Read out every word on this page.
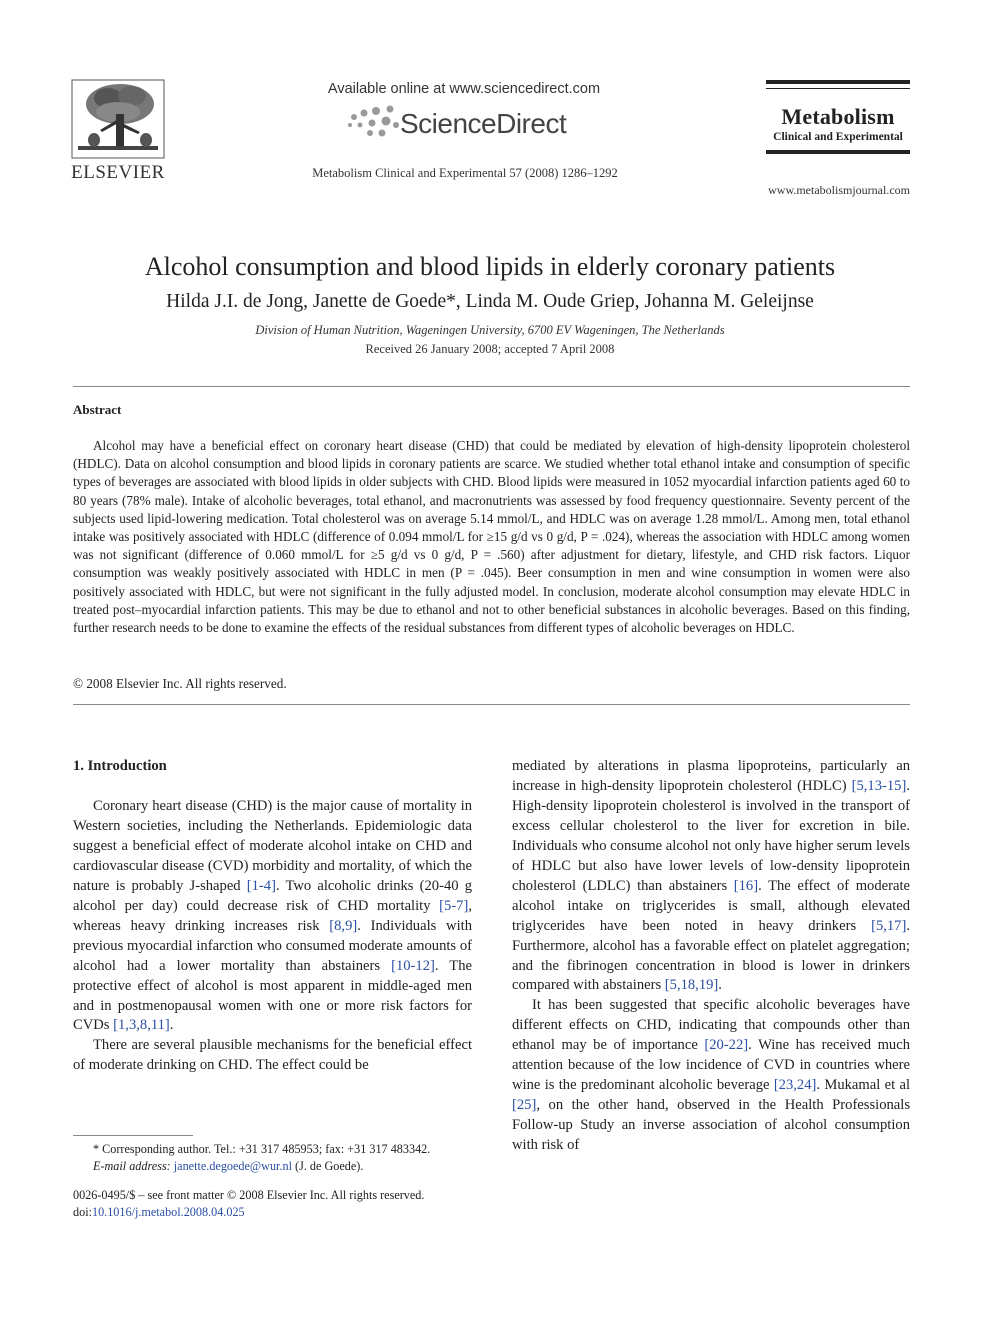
ELSEVIER
Available online at www.sciencedirect.com
ScienceDirect
Metabolism Clinical and Experimental 57 (2008) 1286–1292
Metabolism
Clinical and Experimental
www.metabolismjournal.com
Alcohol consumption and blood lipids in elderly coronary patients
Hilda J.I. de Jong, Janette de Goede*, Linda M. Oude Griep, Johanna M. Geleijnse
Division of Human Nutrition, Wageningen University, 6700 EV Wageningen, The Netherlands
Received 26 January 2008; accepted 7 April 2008
Abstract
Alcohol may have a beneficial effect on coronary heart disease (CHD) that could be mediated by elevation of high-density lipoprotein cholesterol (HDLC). Data on alcohol consumption and blood lipids in coronary patients are scarce. We studied whether total ethanol intake and consumption of specific types of beverages are associated with blood lipids in older subjects with CHD. Blood lipids were measured in 1052 myocardial infarction patients aged 60 to 80 years (78% male). Intake of alcoholic beverages, total ethanol, and macronutrients was assessed by food frequency questionnaire. Seventy percent of the subjects used lipid-lowering medication. Total cholesterol was on average 5.14 mmol/L, and HDLC was on average 1.28 mmol/L. Among men, total ethanol intake was positively associated with HDLC (difference of 0.094 mmol/L for ≥15 g/d vs 0 g/d, P = .024), whereas the association with HDLC among women was not significant (difference of 0.060 mmol/L for ≥5 g/d vs 0 g/d, P = .560) after adjustment for dietary, lifestyle, and CHD risk factors. Liquor consumption was weakly positively associated with HDLC in men (P = .045). Beer consumption in men and wine consumption in women were also positively associated with HDLC, but were not significant in the fully adjusted model. In conclusion, moderate alcohol consumption may elevate HDLC in treated post–myocardial infarction patients. This may be due to ethanol and not to other beneficial substances in alcoholic beverages. Based on this finding, further research needs to be done to examine the effects of the residual substances from different types of alcoholic beverages on HDLC.
© 2008 Elsevier Inc. All rights reserved.
1. Introduction

Coronary heart disease (CHD) is the major cause of mortality in Western societies, including the Netherlands. Epidemiologic data suggest a beneficial effect of moderate alcohol intake on CHD and cardiovascular disease (CVD) morbidity and mortality, of which the nature is probably J-shaped [1-4]. Two alcoholic drinks (20-40 g alcohol per day) could decrease risk of CHD mortality [5-7], whereas heavy drinking increases risk [8,9]. Individuals with previous myocardial infarction who consumed moderate amounts of alcohol had a lower mortality than abstainers [10-12]. The protective effect of alcohol is most apparent in middle-aged men and in postmenopausal women with one or more risk factors for CVDs [1,3,8,11].

There are several plausible mechanisms for the beneficial effect of moderate drinking on CHD. The effect could be

mediated by alterations in plasma lipoproteins, particularly an increase in high-density lipoprotein cholesterol (HDLC) [5,13-15]. High-density lipoprotein cholesterol is involved in the transport of excess cellular cholesterol to the liver for excretion in bile. Individuals who consume alcohol not only have higher serum levels of HDLC but also have lower levels of low-density lipoprotein cholesterol (LDLC) than abstainers [16]. The effect of moderate alcohol intake on triglycerides is small, although elevated triglycerides have been noted in heavy drinkers [5,17]. Furthermore, alcohol has a favorable effect on platelet aggregation; and the fibrinogen concentration in blood is lower in drinkers compared with abstainers [5,18,19].

It has been suggested that specific alcoholic beverages have different effects on CHD, indicating that compounds other than ethanol may be of importance [20-22]. Wine has received much attention because of the low incidence of CVD in countries where wine is the predominant alcoholic beverage [23,24]. Mukamal et al [25], on the other hand, observed in the Health Professionals Follow-up Study an inverse association of alcohol consumption with risk of

* Corresponding author. Tel.: +31 317 485953; fax: +31 317 483342.
E-mail address: janette.degoede@wur.nl (J. de Goede).
0026-0495/$ – see front matter © 2008 Elsevier Inc. All rights reserved.
doi:10.1016/j.metabol.2008.04.025
